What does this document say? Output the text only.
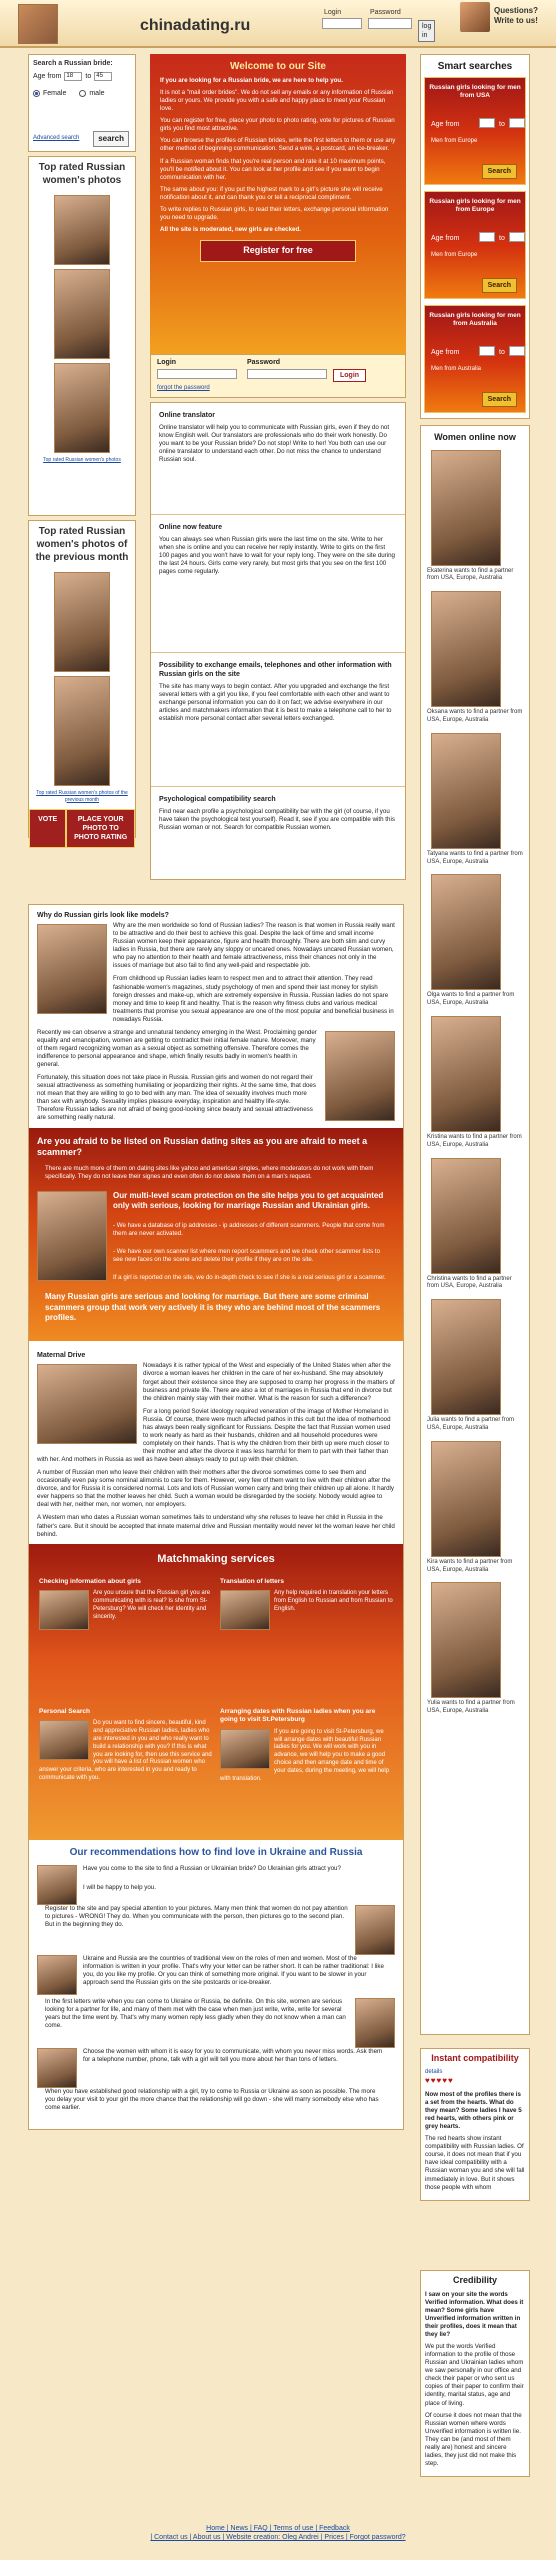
chinadating.ru
Login	Password
log in
Questions?
Write to us!
Search a Russian bride:
Age from 18	to 45
Female	male
Advanced search	search
Top rated Russian women's photos
Top rated Russian women's photos
Top rated Russian women's photos of the previous month
Top rated Russian women's photos of the previous month
VOTE	PLACE YOUR PHOTO TO PHOTO RATING
Welcome to our Site

If you are looking for a Russian bride, we are here to help you.

It is not a "mail order brides". We do not sell any emails or any information of Russian ladies or yours. We provide you with a safe and happy place to meet your Russian love.

You can register for free, place your photo to photo rating, vote for pictures of Russian girls you find most attractive.

You can browse the profiles of Russian brides, write the first letters to them or use any other method of beginning communication. Send a wink, a postcard, an ice-breaker.

If a Russian woman finds that you're real person and rate it at 10 maximum points, you'll be notified about it. You can look at her profile and see if you want to begin communication with her.

The same about you: if you put the highest mark to a girl's picture she will receive notification about it, and can thank you or tell a reciprocal compliment.

To write replies to Russian girls, to read their letters, exchange personal information you need to upgrade.

All the site is moderated, new girls are checked.

Register for free
Login	Password
Login
forgot the password
Online translator

Online translator will help you to communicate with Russian girls, even if they do not know English well. Our translators are professionals who do their work honestly. Do you want to be your Russian bride? Do not stop! Write to her! You both can use our online translator to understand each other. Do not miss the chance to understand Russian soul.

Online now feature

You can always see when Russian girls were the last time on the site. Write to her when she is online and you can receive her reply instantly. Write to girls on the first 100 pages and you won't have to wait for your reply long. They were on the site during the last 24 hours. Girls come very rarely, but most girls that you see on the first 100 pages come regularly.

Possibility to exchange emails, telephones and other information with Russian girls on the site

The site has many ways to begin contact. After you upgraded and exchange the first several letters with a girl you like, if you feel comfortable with each other and want to exchange personal information you can do it on fact; we advise everywhere in our articles and matchmakers information that it is best to make a telephone call to her to establish more personal contact after several letters exchanged.

Psychological compatibility search

Find near each profile a psychological compatibility bar with the girl (of course, if you have taken the psychological test yourself). Read it, see if you are compatible with this Russian woman or not. Search for compatible Russian women.

Smart searches
Russian girls looking for men from USA
Age from	to
Men from Europe
Search
Russian girls looking for men from Europe
Age from	to
Men from Europe
Search
Russian girls looking for men from Australia
Age from	to
Men from Australia
Search
Women online now
Ekaterina wants to find a partner from USA, Europe, Australia
Oksana wants to find a partner from USA, Europe, Australia
Tatyana wants to find a partner from USA, Europe, Australia
Olga wants to find a partner from USA, Europe, Australia
Kristina wants to find a partner from USA, Europe, Australia
Christina wants to find a partner from USA, Europe, Australia
Julia wants to find a partner from USA, Europe, Australia
Kira wants to find a partner from USA, Europe, Australia
Yulia wants to find a partner from USA, Europe, Australia
Why do Russian girls look like models?

Why are the men worldwide so fond of Russian ladies? The reason is that women in Russia really want to be attractive and do their best to achieve this goal. Despite the lack of time and small income Russian women keep their appearance, figure and health thoroughly. There are both slim and curvy ladies in Russia, but there are rarely any sloppy or uncared ones. Nowadays uncared Russian women, who pay no attention to their health and female attractiveness, miss their chances not only in the issues of marriage but also fail to find any well-paid and respectable job.

From childhood up Russian ladies learn to respect men and to attract their attention. They read fashionable women's magazines, study psychology of men and spend their last money for stylish foreign dresses and make-up, which are extremely expensive in Russia. Russian ladies do not spare money and time to keep fit and healthy. That is the reason why fitness clubs and various medical treatments that promise you sexual appearance are one of the most popular and beneficial business in nowadays Russia.

Recently we can observe a strange and unnatural tendency emerging in the West. Proclaiming gender equality and emancipation, women are getting to contradict their initial female nature. Moreover, many of them regard recognizing woman as a sexual object as something offensive. Therefore comes the indifference to personal appearance and shape, which finally results badly in women's health in general.

Fortunately, this situation does not take place in Russia. Russian girls and women do not regard their sexual attractiveness as something humiliating or jeopardizing their rights. At the same time, that does not mean that they are willing to go to bed with any man. The idea of sexuality involves much more than sex with anybody. Sexuality implies pleasure everyday, inspiration and healthy life-style. Therefore Russian ladies are not afraid of being good-looking since beauty and sexual attractiveness are something really natural.

Are you afraid to be listed on Russian dating sites as you are afraid to meet a scammer?

There are much more of them on dating sites like yahoo and american singles, where moderators do not work with them specifically. They do not leave their signes and even often do not delete them on a man's request.

Our multi-level scam protection on the site helps you to get acquainted only with serious, looking for marriage Russian and Ukrainian girls.

- We have a database of ip addresses - ip addresses of different scammers. People that come from them are never activated.

- We have our own scanner list where men report scammers and we check other scammer lists to see new faces on the scene and delete their profile if they are on the site.

If a girl is reported on the site, we do in-depth check to see if she is a real serious girl or a scammer.

Many Russian girls are serious and looking for marriage. But there are some criminal scammers group that work very actively it is they who are behind most of the scammers profiles.

Maternal Drive

Nowadays it is rather typical of the West and especially of the United States when after the divorce a woman leaves her children in the care of her ex-husband. She may absolutely forget about their existence since they are supposed to cramp her progress in the matters of business and private life. There are also a lot of marriages in Russia that end in divorce but the children mainly stay with their mother. What is the reason for such a difference?

For a long period Soviet ideology required veneration of the image of Mother Homeland in Russia. Of course, there were much affected pathos in this cult but the idea of motherhood has always been really significant for Russians. Despite the fact that Russian women used to work nearly as hard as their husbands, children and all household procedures were completely on their hands. That is why the children from their birth up were much closer to their mother and after the divorce it was less harmful for them to part with their father than with her. And mothers in Russia as well as have been always ready to put up with their children.

A number of Russian men who leave their children with their mothers after the divorce sometimes come to see them and occasionally even pay some nominal alimonis to care for them. However, very few of them want to live with their children after the divorce, and for Russia it is considered normal. Lots and lots of Russian women carry and bring their children up all alone. It hardly ever happens so that the mother leaves her child. Such a woman would be disregarded by the society. Nobody would agree to deal with her, neither men, nor women, nor employers.

A Western man who dates a Russian woman sometimes fails to understand why she refuses to leave her child in Russia in the father's care. But it should be accepted that innate maternal drive and Russian mentality would never let the woman leave her child behind.

Matchmaking services
Checking information about girls
Are you unsure that the Russian girl you are communicating with is real? Is she from St-Petersburg? We will check her identity and sincerity.
Translation of letters
Any help required in translation your letters from English to Russian and from Russian to English.
Personal Search
Do you want to find sincere, beautiful, kind and appreciative Russian ladies, ladies who are interested in you and who really want to build a relationship with you? If this is what you are looking for, then use this service and you will have a list of Russian women who answer your criteria, who are interested in you and ready to communicate with you.
Arranging dates with Russian ladies when you are going to visit St.Petersburg
If you are going to visit St-Petersburg, we will arrange dates with beautiful Russian ladies for you. We will work with you in advance, we will help you to make a good choice and then arrange date and time of your dates, during the meeting, we will help with translation.
Our recommendations how to find love in Ukraine and Russia

Have you come to the site to find a Russian or Ukrainian bride? Do Ukrainian girls attract you?

I will be happy to help you.

Register to the site and pay special attention to your pictures. Many men think that women do not pay attention to pictures - WRONG! They do. When you communicate with the person, then pictures go to the second plan. But in the beginning they do.

Ukraine and Russia are the countries of traditional view on the roles of men and women. Most of the information is written in your profile. That's why your letter can be rather short. It can be rather traditional: I like you, do you like my profile. Or you can think of something more original. If you want to be slower in your approach send the Russian girls on the site postcards or ice-breaker.

In the first letters write when you can come to Ukraine or Russia, be definite. On this site, women are serious looking for a partner for life, and many of them met with the case when men just write, write, write for several years but the time went by. That's why many women reply less gladly when they do not know when a man can come.

Choose the women with whom it is easy for you to communicate, with whom you never miss words. Ask them for a telephone number, phone, talk with a girl will tell you more about her than tons of letters.

When you have established good relationship with a girl, try to come to Russia or Ukraine as soon as possible. The more you delay your visit to your girl the more chance that the relationship will go down - she will marry somebody else who has come earlier.

Instant compatibility
details
♥♥♥♥♥

Now most of the profiles there is a set from the hearts. What do they mean? Some ladies I have 5 red hearts, with others pink or grey hearts.

The red hearts show instant compatibility with Russian ladies. Of course, it does not mean that if you have ideal compatibility with a Russian woman you and she will fall immediately in love. But it shows those people with whom

Credibility

I saw on your site the words Verified information. What does it mean? Some girls have Unverified information written in their profiles, does it mean that they lie?

We put the words Verified information to the profile of those Russian and Ukrainian ladies whom we saw personally in our office and check their paper or who sent us copies of their paper to confirm their identity, marital status, age and place of living.

Of course it does not mean that the Russian women where words Unverified information is written lie. They can be (and most of them really are) honest and sincere ladies, they just did not make this step.

Home | News | FAQ | Terms of use | Feedback
| Contact us | About us | Website creation: Oleg Andrei | Prices | Forgot password?
